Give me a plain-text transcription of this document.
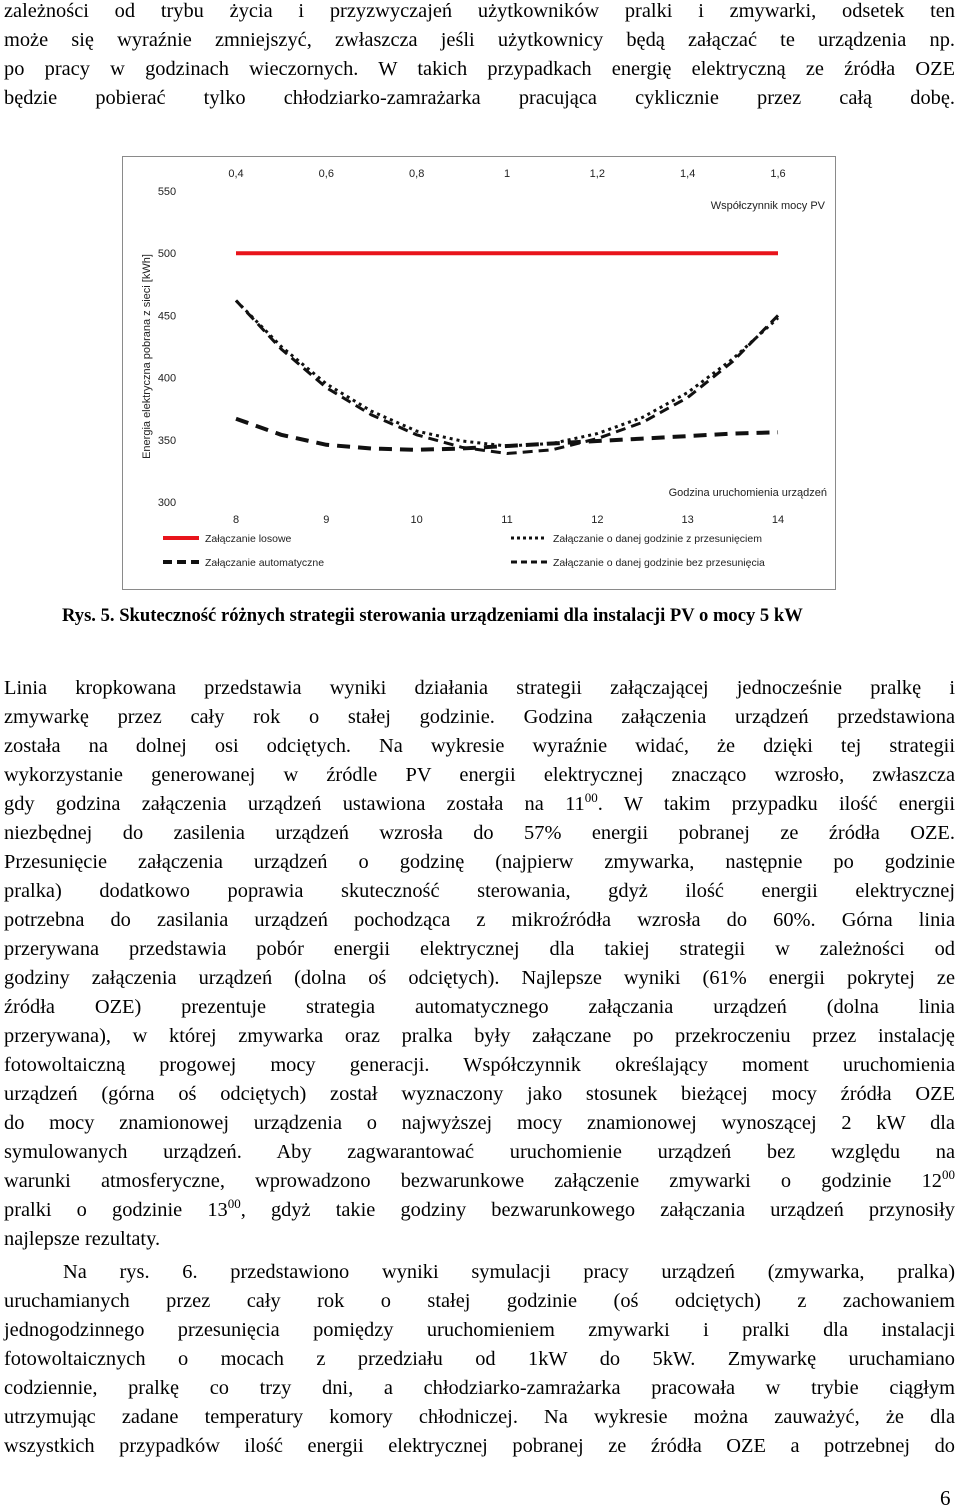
zależności od trybu życia i przyzwyczajeń użytkowników pralki i zmywarki, odsetek ten
może się wyraźnie zmniejszyć, zwłaszcza jeśli użytkownicy będą załączać te urządzenia np.
po pracy w godzinach wieczornych. W takich przypadkach energię elektryczną ze źródła OZE
będzie pobierać tylko chłodziarko-zamrażarka pracująca cyklicznie przez całą dobę.
550
500
450
400
350
300
Energia elektryczna pobrana z sieci [kWh]
0,4	0,6	0,8	1	1,2	1,4	1,6
8	9	10	11	12	13	14
Współczynnik mocy PV
Godzina uruchomienia urządzeń
Załączanie losowe	Załączanie o danej godzinie z przesunięciem
Załączanie automatyczne	Załączanie o danej godzinie bez przesunięcia
Rys. 5. Skuteczność różnych strategii sterowania urządzeniami dla instalacji PV o mocy 5 kW
Linia kropkowana przedstawia wyniki działania strategii załączającej jednocześnie pralkę i
zmywarkę przez cały rok o stałej godzinie. Godzina załączenia urządzeń przedstawiona
została na dolnej osi odciętych. Na wykresie wyraźnie widać, że dzięki tej strategii
wykorzystanie generowanej w źródle PV energii elektrycznej znacząco wzrosło, zwłaszcza
gdy godzina załączenia urządzeń ustawiona została na $11^{00}$. W takim przypadku ilość energii
niezbędnej do zasilenia urządzeń wzrosła do 57% energii pobranej ze źródła OZE.
Przesunięcie załączenia urządzeń o godzinę (najpierw zmywarka, następnie po godzinie
pralka) dodatkowo poprawia skuteczność sterowania, gdyż ilość energii elektrycznej
potrzebna do zasilania urządzeń pochodząca z mikroźródła wzrosła do 60%. Górna linia
przerywana przedstawia pobór energii elektrycznej dla takiej strategii w zależności od
godziny załączenia urządzeń (dolna oś odciętych). Najlepsze wyniki (61% energii pokrytej ze
źródła OZE) prezentuje strategia automatycznego załączania urządzeń (dolna linia
przerywana), w której zmywarka oraz pralka były załączane po przekroczeniu przez instalację
fotowoltaiczną progowej mocy generacji. Współczynnik określający moment uruchomienia
urządzeń (górna oś odciętych) został wyznaczony jako stosunek bieżącej mocy źródła OZE
do mocy znamionowej urządzenia o najwyższej mocy znamionowej wynoszącej 2 kW dla
symulowanych urządzeń. Aby zagwarantować uruchomienie urządzeń bez względu na
warunki atmosferyczne, wprowadzono bezwarunkowe załączenie zmywarki o godzinie $12^{00}$
pralki o godzinie $13^{00}$, gdyż takie godziny bezwarunkowego załączania urządzeń przynosiły
najlepsze rezultaty.
Na rys. 6. przedstawiono wyniki symulacji pracy urządzeń (zmywarka, pralka)
uruchamianych przez cały rok o stałej godzinie (oś odciętych) z zachowaniem
jednogodzinnego przesunięcia pomiędzy uruchomieniem zmywarki i pralki dla instalacji
fotowoltaicznych o mocach z przedziału od 1kW do 5kW. Zmywarkę uruchamiano
codziennie, pralkę co trzy dni, a chłodziarko-zamrażarka pracowała w trybie ciągłym
utrzymując zadane temperatury komory chłodniczej. Na wykresie można zauważyć, że dla
wszystkich przypadków ilość energii elektrycznej pobranej ze źródła OZE a potrzebnej do
6
